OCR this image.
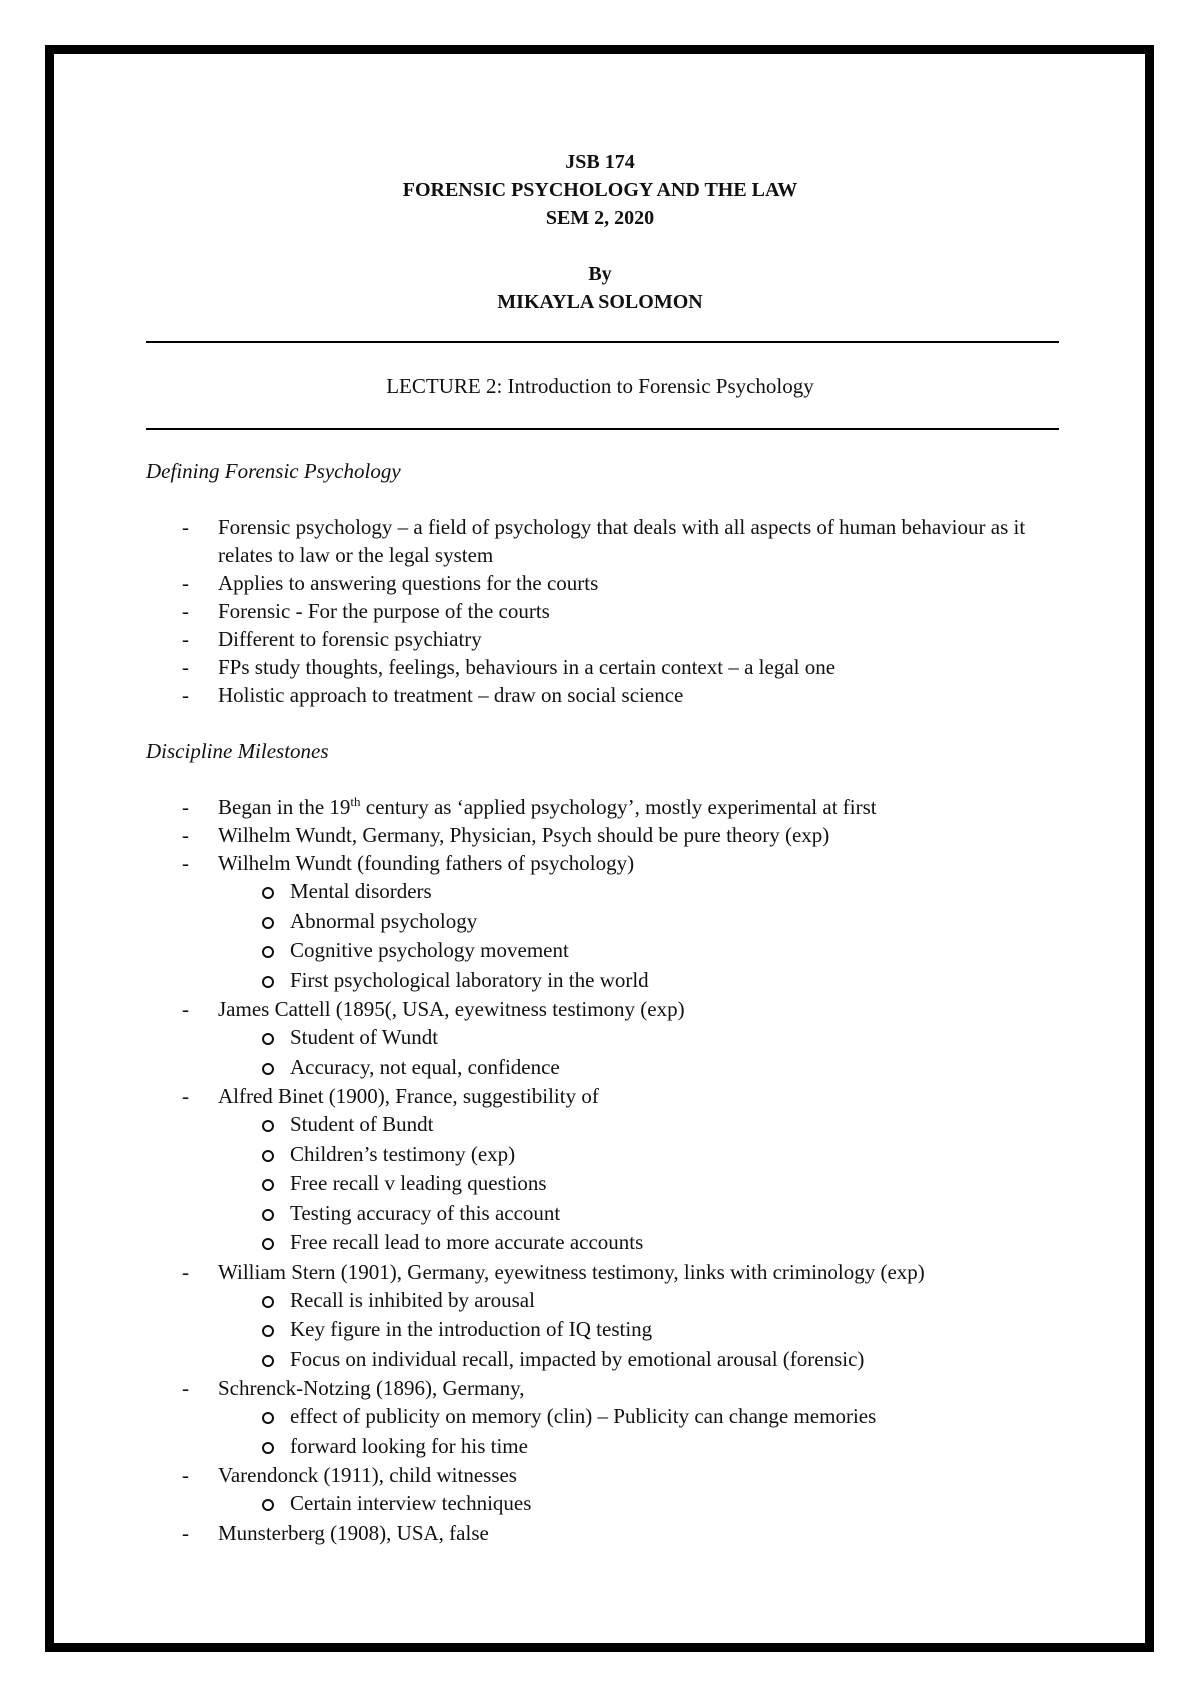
JSB 174
FORENSIC PSYCHOLOGY AND THE LAW
SEM 2, 2020
By
MIKAYLA SOLOMON
LECTURE 2: Introduction to Forensic Psychology

Defining Forensic Psychology

- Forensic psychology – a field of psychology that deals with all aspects of human behaviour as it relates to law or the legal system
- Applies to answering questions for the courts
- Forensic - For the purpose of the courts
- Different to forensic psychiatry
- FPs study thoughts, feelings, behaviours in a certain context – a legal one
- Holistic approach to treatment – draw on social science

Discipline Milestones

- Began in the 19th century as ‘applied psychology’, mostly experimental at first
- Wilhelm Wundt, Germany, Physician, Psych should be pure theory (exp)
- Wilhelm Wundt (founding fathers of psychology)
Mental disorders
Abnormal psychology
Cognitive psychology movement
First psychological laboratory in the world
- James Cattell (1895(, USA, eyewitness testimony (exp)
Student of Wundt
Accuracy, not equal, confidence
- Alfred Binet (1900), France, suggestibility of
Student of Bundt
Children’s testimony (exp)
Free recall v leading questions
Testing accuracy of this account
Free recall lead to more accurate accounts
- William Stern (1901), Germany, eyewitness testimony, links with criminology (exp)
Recall is inhibited by arousal
Key figure in the introduction of IQ testing
Focus on individual recall, impacted by emotional arousal (forensic)
- Schrenck-Notzing (1896), Germany,
effect of publicity on memory (clin) – Publicity can change memories
forward looking for his time
- Varendonck (1911), child witnesses
Certain interview techniques
- Munsterberg (1908), USA, false
